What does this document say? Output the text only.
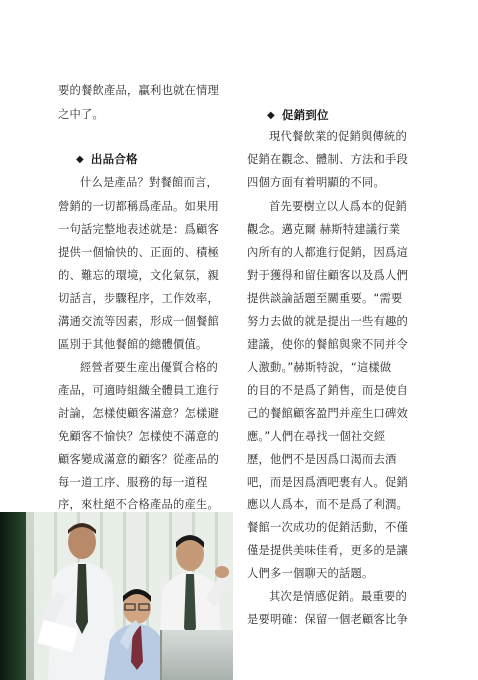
要的餐飲產品，贏利也就在情理
之中了。
◆ 出品合格
什么是產品？對餐館而言，
營銷的一切都稱爲產品。如果用
一句話完整地表述就是：爲顧客
提供一個愉快的、正面的、積極
的、難忘的環境，文化氣氛，親
切話言，步驟程序，工作效率，
溝通交流等因素，形成一個餐館
區別于其他餐館的總體價值。
經營者要生産出優質合格的
產品，可適時組織全體員工進行
討論，怎樣使顧客滿意？怎樣避
免顧客不愉快？怎樣使不滿意的
顧客變成滿意的顧客？從產品的
每一道工序、服務的每一道程
序，來杜絕不合格產品的産生。
◆ 促銷到位
現代餐飲業的促銷與傳統的
促銷在觀念、體制、方法和手段
四個方面有着明顯的不同。
首先要樹立以人爲本的促銷
觀念。邁克爾 赫斯特建議行業
內所有的人都進行促銷，因爲這
對于獲得和留住顧客以及爲人們
提供談論話題至關重要。“需要
努力去做的就是提出一些有趣的
建議，使你的餐館與衆不同并令
人激動。”赫斯特說，“這樣做
的目的不是爲了銷售，而是使自
己的餐館顧客盈門并産生口碑效
應。”人們在尋找一個社交經
歷，他們不是因爲口渴而去酒
吧，而是因爲酒吧裹有人。促銷
應以人爲本，而不是爲了利潤。
餐館一次成功的促銷活動，不僅
僅是提供美味佳肴，更多的是讓
人們多一個聊天的話題。
其次是情感促銷。最重要的
是要明確：保留一個老顧客比争
